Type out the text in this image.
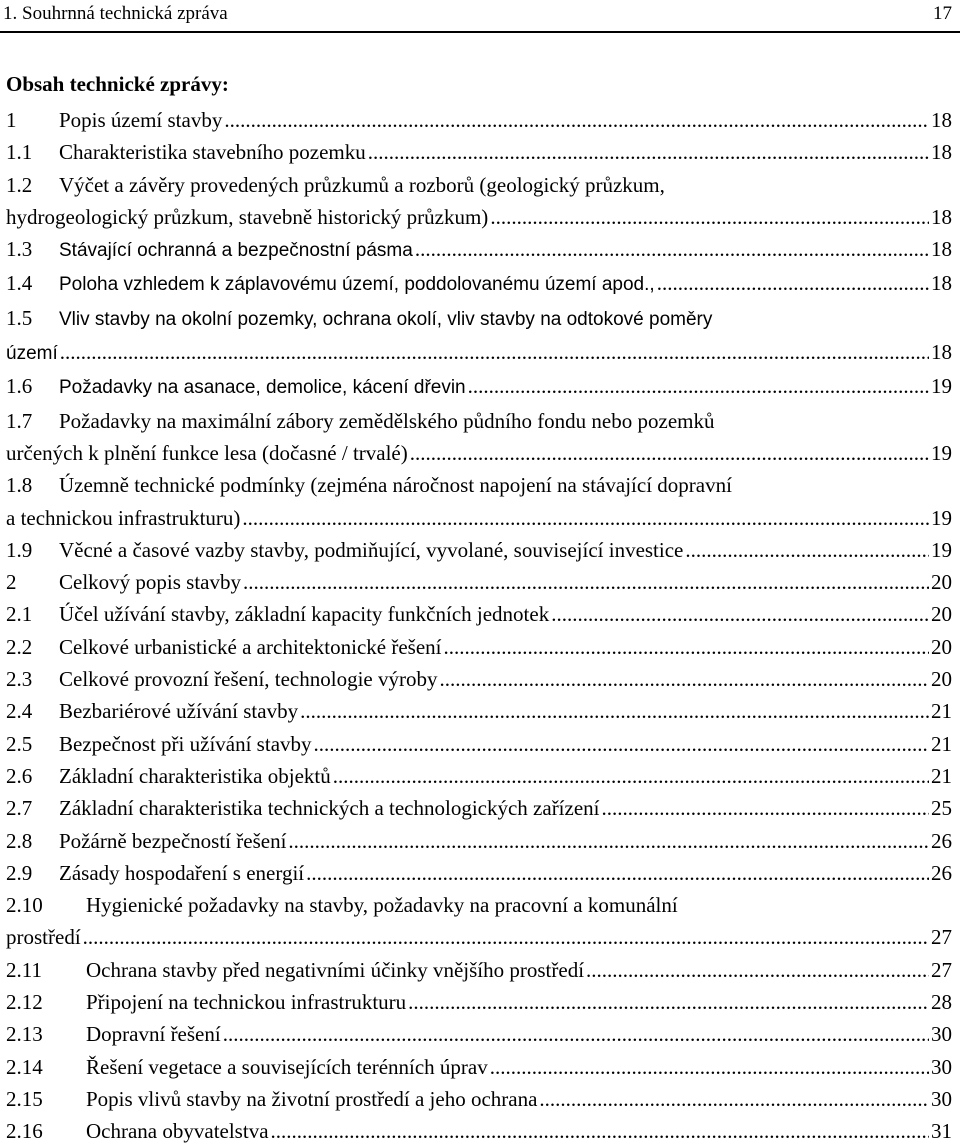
1. Souhrnná technická zpráva	17
Obsah technické zprávy:
1 Popis území stavby .....	18
1.1 Charakteristika stavebního pozemku .....	18
1.2 Výčet a závěry provedených průzkumů a rozborů (geologický průzkum,
hydrogeologický průzkum, stavebně historický průzkum) .....	18
1.3 Stávající ochranná a bezpečnostní pásma .....	18
1.4 Poloha vzhledem k záplavovému území, poddolovanému území apod., .....	18
1.5 Vliv stavby na okolní pozemky, ochrana okolí, vliv stavby na odtokové poměry
území .....	18
1.6 Požadavky na asanace, demolice, kácení dřevin .....	19
1.7 Požadavky na maximální zábory zemědělského půdního fondu nebo pozemků
určených k plnění funkce lesa (dočasné / trvalé) .....	19
1.8 Územně technické podmínky (zejména náročnost napojení na stávající dopravní
a technickou infrastrukturu) .....	19
1.9 Věcné a časové vazby stavby, podmiňující, vyvolané, související investice .....	19
2 Celkový popis stavby .....	20
2.1 Účel užívání stavby, základní kapacity funkčních jednotek .....	20
2.2 Celkové urbanistické a architektonické řešení .....	20
2.3 Celkové provozní řešení, technologie výroby .....	20
2.4 Bezbariérové užívání stavby .....	21
2.5 Bezpečnost při užívání stavby .....	21
2.6 Základní charakteristika objektů .....	21
2.7 Základní charakteristika technických a technologických zařízení .....	25
2.8 Požárně bezpečností řešení .....	26
2.9 Zásady hospodaření s energií .....	26
2.10 Hygienické požadavky na stavby, požadavky na pracovní a komunální
prostředí .....	27
2.11 Ochrana stavby před negativními účinky vnějšího prostředí .....	27
2.12 Připojení na technickou infrastrukturu .....	28
2.13 Dopravní řešení .....	30
2.14 Řešení vegetace a souvisejících terénních úprav .....	30
2.15 Popis vlivů stavby na životní prostředí a jeho ochrana .....	30
2.16 Ochrana obyvatelstva .....	31
